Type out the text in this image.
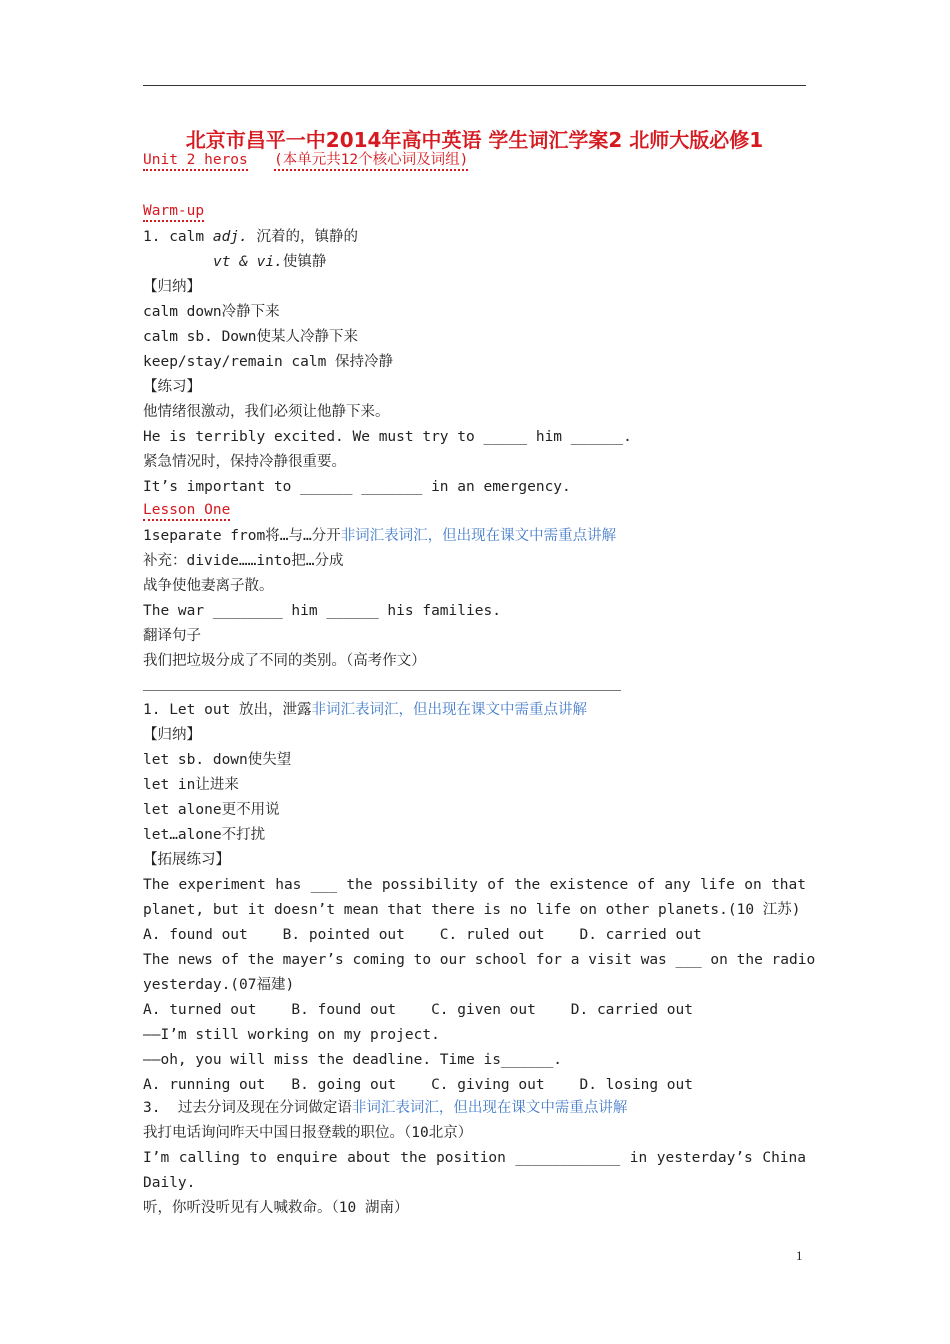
北京市昌平一中2014年高中英语 学生词汇学案2 北师大版必修1
Unit 2 heros (本单元共12个核心词及词组)
Warm-up
1. calm adj. 沉着的，镇静的
vt & vi.使镇静
【归纳】
calm down冷静下来
calm sb. Down使某人冷静下来
keep/stay/remain calm 保持冷静
【练习】
他情绪很激动，我们必须让他静下来。
He is terribly excited. We must try to _____ him ______.
紧急情况时，保持冷静很重要。
It’s important to ______ _______ in an emergency.
Lesson One
1separate from将…与…分开非词汇表词汇，但出现在课文中需重点讲解
补充：divide……into把…分成
战争使他妻离子散。
The war ________ him ______ his families.
翻译句子
我们把垃圾分成了不同的类别。（高考作文）
1. Let out 放出，泄露非词汇表词汇，但出现在课文中需重点讲解
【归纳】
let sb. down使失望
let in让进来
let alone更不用说
let…alone不打扰
【拓展练习】
The experiment has ___ the possibility of the existence of any life on that
planet, but it doesn’t mean that there is no life on other planets.(10 江苏)
A. found out    B. pointed out    C. ruled out    D. carried out
The news of the mayer’s coming to our school for a visit was ___ on the radio
yesterday.(07福建)
A. turned out    B. found out    C. given out    D. carried out
——I’m still working on my project.
——oh, you will miss the deadline. Time is______.
A. running out   B. going out    C. giving out    D. losing out
3.  过去分词及现在分词做定语非词汇表词汇，但出现在课文中需重点讲解
我打电话询问昨天中国日报登载的职位。（10北京）
I’m calling to enquire about the position ____________ in yesterday’s China
Daily.
听，你听没听见有人喊救命。（10 湖南）
1
